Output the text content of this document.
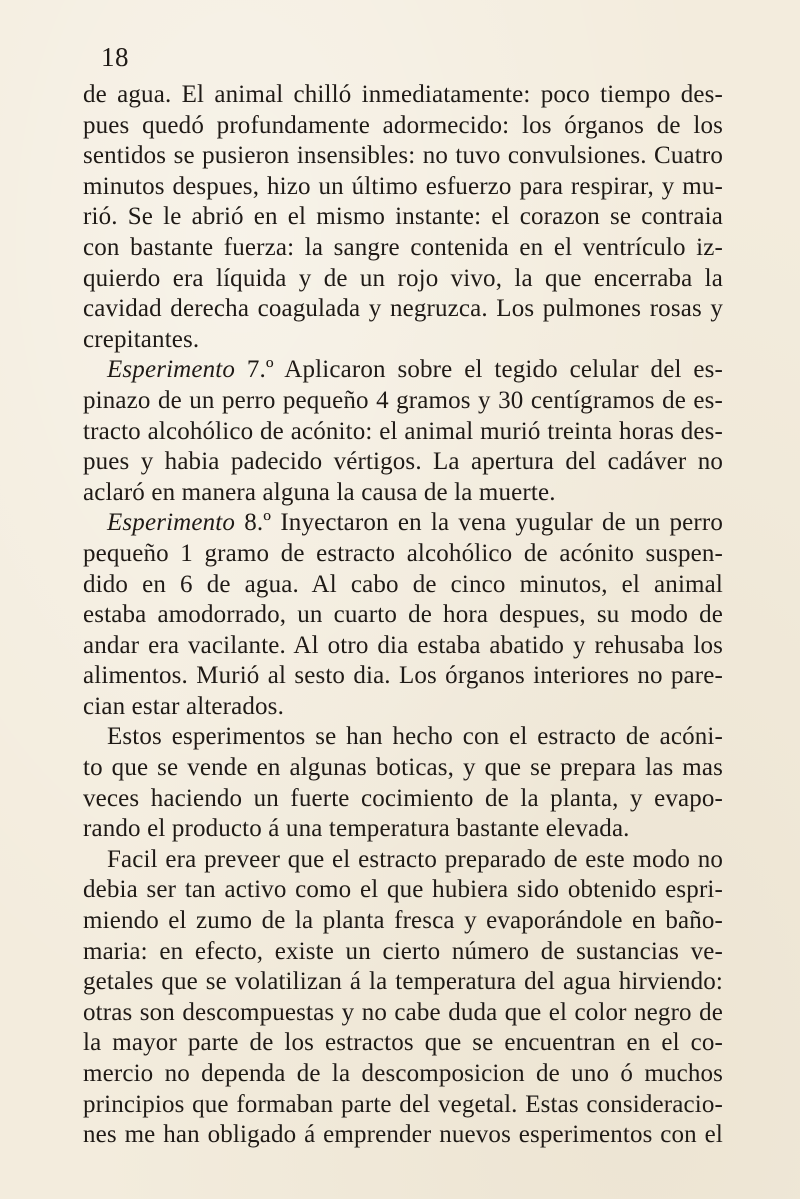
18
de agua. El animal chilló inmediatamente: poco tiempo des-
pues quedó profundamente adormecido: los órganos de los
sentidos se pusieron insensibles: no tuvo convulsiones. Cuatro
minutos despues, hizo un último esfuerzo para respirar, y mu-
rió. Se le abrió en el mismo instante: el corazon se contraia
con bastante fuerza: la sangre contenida en el ventrículo iz-
quierdo era líquida y de un rojo vivo, la que encerraba la
cavidad derecha coagulada y negruzca. Los pulmones rosas y
crepitantes.
Esperimento 7.º Aplicaron sobre el tegido celular del es-
pinazo de un perro pequeño 4 gramos y 30 centígramos de es-
tracto alcohólico de acónito: el animal murió treinta horas des-
pues y habia padecido vértigos. La apertura del cadáver no
aclaró en manera alguna la causa de la muerte.
Esperimento 8.º Inyectaron en la vena yugular de un perro
pequeño 1 gramo de estracto alcohólico de acónito suspen-
dido en 6 de agua. Al cabo de cinco minutos, el animal
estaba amodorrado, un cuarto de hora despues, su modo de
andar era vacilante. Al otro dia estaba abatido y rehusaba los
alimentos. Murió al sesto dia. Los órganos interiores no pare-
cian estar alterados.
Estos esperimentos se han hecho con el estracto de acóni-
to que se vende en algunas boticas, y que se prepara las mas
veces haciendo un fuerte cocimiento de la planta, y evapo-
rando el producto á una temperatura bastante elevada.
Facil era preveer que el estracto preparado de este modo no
debia ser tan activo como el que hubiera sido obtenido espri-
miendo el zumo de la planta fresca y evaporándole en baño-
maria: en efecto, existe un cierto número de sustancias ve-
getales que se volatilizan á la temperatura del agua hirviendo:
otras son descompuestas y no cabe duda que el color negro de
la mayor parte de los estractos que se encuentran en el co-
mercio no dependa de la descomposicion de uno ó muchos
principios que formaban parte del vegetal. Estas consideracio-
nes me han obligado á emprender nuevos esperimentos con el
